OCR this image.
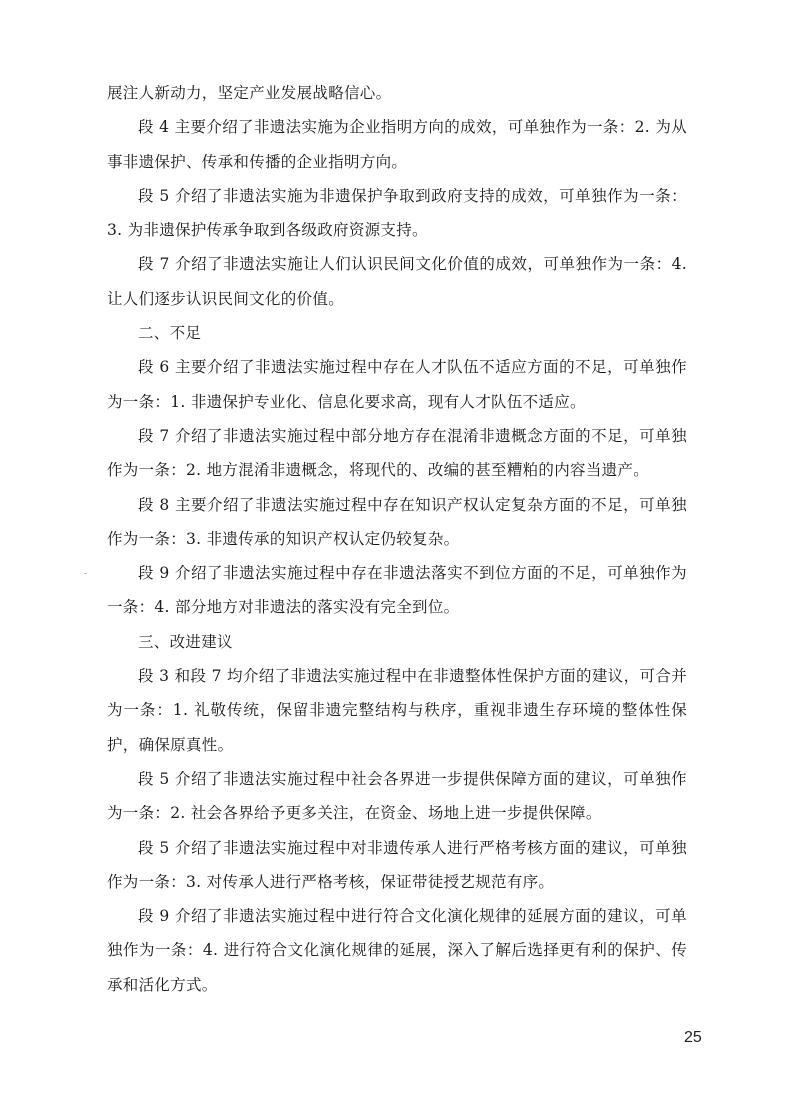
展注人新动力，坚定产业发展战略信心。

段 4 主要介绍了非遗法实施为企业指明方向的成效，可单独作为一条：2. 为从事非遗保护、传承和传播的企业指明方向。

段 5 介绍了非遗法实施为非遗保护争取到政府支持的成效，可单独作为一条：3. 为非遗保护传承争取到各级政府资源支持。

段 7 介绍了非遗法实施让人们认识民间文化价值的成效，可单独作为一条：4. 让人们逐步认识民间文化的价值。

二、不足

段 6 主要介绍了非遗法实施过程中存在人才队伍不适应方面的不足，可单独作为一条：1. 非遗保护专业化、信息化要求高，现有人才队伍不适应。

段 7 介绍了非遗法实施过程中部分地方存在混淆非遗概念方面的不足，可单独作为一条：2. 地方混淆非遗概念，将现代的、改编的甚至糟粕的内容当遗产。

段 8 主要介绍了非遗法实施过程中存在知识产权认定复杂方面的不足，可单独作为一条：3. 非遗传承的知识产权认定仍较复杂。

段 9 介绍了非遗法实施过程中存在非遗法落实不到位方面的不足，可单独作为一条：4. 部分地方对非遗法的落实没有完全到位。

三、改进建议

段 3 和段 7 均介绍了非遗法实施过程中在非遗整体性保护方面的建议，可合并为一条：1. 礼敬传统，保留非遗完整结构与秩序，重视非遗生存环境的整体性保护，确保原真性。

段 5 介绍了非遗法实施过程中社会各界进一步提供保障方面的建议，可单独作为一条：2. 社会各界给予更多关注，在资金、场地上进一步提供保障。

段 5 介绍了非遗法实施过程中对非遗传承人进行严格考核方面的建议，可单独作为一条：3. 对传承人进行严格考核，保证带徒授艺规范有序。

段 9 介绍了非遗法实施过程中进行符合文化演化规律的延展方面的建议，可单独作为一条：4. 进行符合文化演化规律的延展，深入了解后选择更有利的保护、传承和活化方式。

25
